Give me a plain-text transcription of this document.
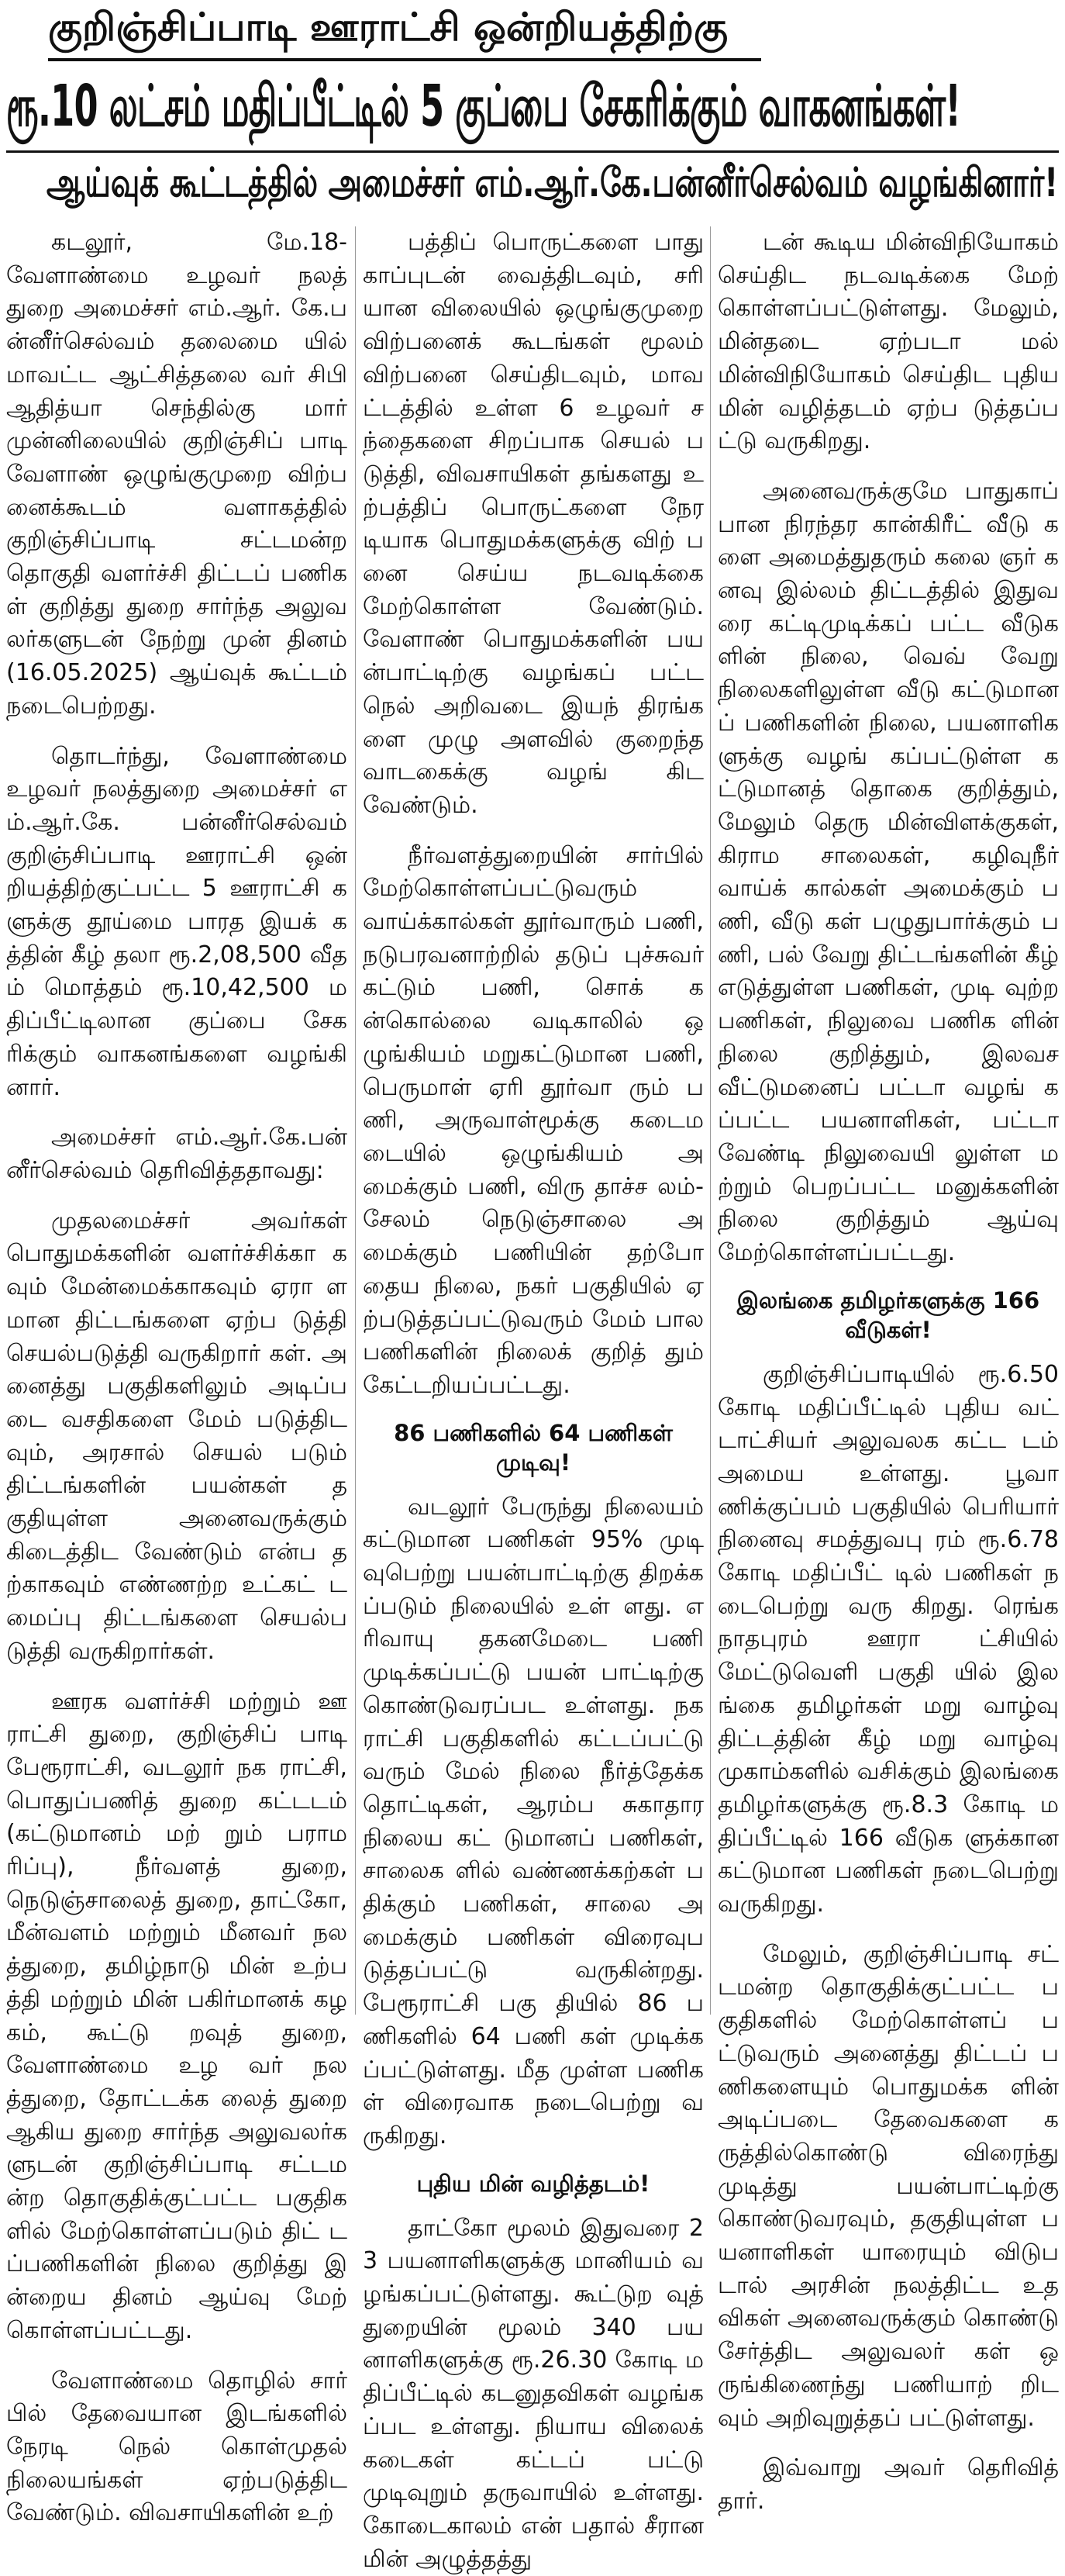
குறிஞ்சிப்பாடி ஊராட்சி ஒன்றியத்திற்கு
ரூ.10 லட்சம் மதிப்பீட்டில் 5 குப்பை சேகரிக்கும் வாகனங்கள்!
ஆய்வுக் கூட்டத்தில் அமைச்சர் எம்.ஆர்.கே.பன்னீர்செல்வம் வழங்கினார்!

கடலூர், மே.18- வேளாண்மை உழவர் நலத் துறை அமைச்சர் எம்.ஆர். கே.பன்னீர்செல்வம் தலைமை யில் மாவட்ட ஆட்சித்தலை வர் சிபி ஆதித்யா செந்தில்கு மார் முன்னிலையில் குறிஞ்சிப் பாடி வேளாண் ஒழுங்குமுறை விற்பனைக்கூடம் வளாகத்தில் குறிஞ்சிப்பாடி சட்டமன்ற தொகுதி வளர்ச்சி திட்டப் பணிகள் குறித்து துறை சார்ந்த அலுவலர்களுடன் நேற்று முன் தினம் (16.05.2025) ஆய்வுக் கூட்டம் நடைபெற்றது.

தொடர்ந்து, வேளாண்மை உழவர் நலத்துறை அமைச்சர் எம்.ஆர்.கே. பன்னீர்செல்வம் குறிஞ்சிப்பாடி ஊராட்சி ஒன் றியத்திற்குட்பட்ட 5 ஊராட்சி களுக்கு தூய்மை பாரத இயக் கத்தின் கீழ் தலா ரூ.2,08,500 வீதம் மொத்தம் ரூ.10,42,500 மதிப்பீட்டிலான குப்பை சேக ரிக்கும் வாகனங்களை வழங்கி னார்.

அமைச்சர் எம்.ஆர்.கே.பன் னீர்செல்வம் தெரிவித்ததாவது:

முதலமைச்சர் அவர்கள் பொதுமக்களின் வளர்ச்சிக்கா கவும் மேன்மைக்காகவும் ஏரா ளமான திட்டங்களை ஏற்ப டுத்தி செயல்படுத்தி வருகிறார் கள். அனைத்து பகுதிகளிலும் அடிப்படை வசதிகளை மேம் படுத்திடவும், அரசால் செயல் படும் திட்டங்களின் பயன்கள் தகுதியுள்ள அனைவருக்கும் கிடைத்திட வேண்டும் என்ப தற்காகவும் எண்ணற்ற உட்கட் டமைப்பு திட்டங்களை செயல்படுத்தி வருகிறார்கள்.

ஊரக வளர்ச்சி மற்றும் ஊராட்சி துறை, குறிஞ்சிப் பாடி பேரூராட்சி, வடலூர் நக ராட்சி, பொதுப்பணித் துறை கட்டடம் (கட்டுமானம் மற் றும் பராமரிப்பு), நீர்வளத் துறை, நெடுஞ்சாலைத் துறை, தாட்கோ, மீன்வளம் மற்றும் மீனவர் நலத்துறை, தமிழ்நாடு மின் உற்பத்தி மற்றும் மின் பகிர்மானக் கழகம், கூட்டு றவுத் துறை, வேளாண்மை உழ வர் நலத்துறை, தோட்டக்க லைத் துறை ஆகிய துறை சார்ந்த அலுவலர்களுடன் குறிஞ்சிப்பாடி சட்டமன்ற தொகுதிக்குட்பட்ட பகுதிக ளில் மேற்கொள்ளப்படும் திட் டப்பணிகளின் நிலை குறித்து இன்றைய தினம் ஆய்வு மேற் கொள்ளப்பட்டது.

வேளாண்மை தொழில் சார் பில் தேவையான இடங்களில் நேரடி நெல் கொள்முதல் நிலையங்கள் ஏற்படுத்திட வேண்டும். விவசாயிகளின் உற்

பத்திப் பொருட்களை பாது காப்புடன் வைத்திடவும், சரி யான விலையில் ஒழுங்குமுறை விற்பனைக் கூடங்கள் மூலம் விற்பனை செய்திடவும், மாவட்டத்தில் உள்ள 6 உழவர் சந்தைகளை சிறப்பாக செயல் படுத்தி, விவசாயிகள் தங்களது உற்பத்திப் பொருட்களை நேர டியாக பொதுமக்களுக்கு விற் பனை செய்ய நடவடிக்கை மேற்கொள்ள வேண்டும். வேளாண் பொதுமக்களின் பயன்பாட்டிற்கு வழங்கப் பட்ட நெல் அறிவடை இயந் திரங்களை முழு அளவில் குறைந்த வாடகைக்கு வழங் கிட வேண்டும்.

நீர்வளத்துறையின் சார்பில் மேற்கொள்ளப்பட்டுவரும் வாய்க்கால்கள் தூர்வாரும் பணி, நடுபரவனாற்றில் தடுப் புச்சுவர் கட்டும் பணி, சொக் கன்கொல்லை வடிகாலில் ஒழுங்கியம் மறுகட்டுமான பணி, பெருமாள் ஏரி தூர்வா ரும் பணி, அருவாள்மூக்கு கடைமடையில் ஒழுங்கியம் அமைக்கும் பணி, விரு தாச்ச லம்-சேலம் நெடுஞ்சாலை அமைக்கும் பணியின் தற்போ தைய நிலை, நகர் பகுதியில் ஏற்படுத்தப்பட்டுவரும் மேம் பால பணிகளின் நிலைக் குறித் தும் கேட்டறியப்பட்டது.

86 பணிகளில் 64 பணிகள் முடிவு!

வடலூர் பேருந்து நிலையம் கட்டுமான பணிகள் 95% முடி வுபெற்று பயன்பாட்டிற்கு திறக்கப்படும் நிலையில் உள் ளது. எரிவாயு தகனமேடை பணி முடிக்கப்பட்டு பயன் பாட்டிற்கு கொண்டுவரப்பட உள்ளது. நகராட்சி பகுதிகளில் கட்டப்பட்டு வரும் மேல் நிலை நீர்த்தேக்க தொட்டிகள், ஆரம்ப சுகாதார நிலைய கட் டுமானப் பணிகள், சாலைக ளில் வண்ணக்கற்கள் பதிக்கும் பணிகள், சாலை அமைக்கும் பணிகள் விரைவுபடுத்தப்பட்டு வருகின்றது. பேரூராட்சி பகு தியில் 86 பணிகளில் 64 பணி கள் முடிக்கப்பட்டுள்ளது. மீத முள்ள பணிகள் விரைவாக நடைபெற்று வருகிறது.

புதிய மின் வழித்தடம்!

தாட்கோ மூலம் இதுவரை 23 பயனாளிகளுக்கு மானியம் வழங்கப்பட்டுள்ளது. கூட்டுற வுத் துறையின் மூலம் 340 பய னாளிகளுக்கு ரூ.26.30 கோடி மதிப்பீட்டில் கடனுதவிகள் வழங்கப்பட உள்ளது. நியாய விலைக் கடைகள் கட்டப் பட்டு முடிவுறும் தருவாயில் உள்ளது. கோடைகாலம் என் பதால் சீரான மின் அழுத்தத்து

டன் கூடிய மின்விநியோகம் செய்திட நடவடிக்கை மேற் கொள்ளப்பட்டுள்ளது. மேலும், மின்தடை ஏற்படா மல் மின்விநியோகம் செய்திட புதிய மின் வழித்தடம் ஏற்ப டுத்தப்பட்டு வருகிறது.

அனைவருக்குமே பாதுகாப் பான நிரந்தர கான்கிரீட் வீடு களை அமைத்துதரும் கலை ஞர் கனவு இல்லம் திட்டத்தில் இதுவரை கட்டிமுடிக்கப் பட்ட வீடுகளின் நிலை, வெவ் வேறு நிலைகளிலுள்ள வீடு கட்டுமானப் பணிகளின் நிலை, பயனாளிகளுக்கு வழங் கப்பட்டுள்ள கட்டுமானத் தொகை குறித்தும், மேலும் தெரு மின்விளக்குகள், கிராம சாலைகள், கழிவுநீர் வாய்க் கால்கள் அமைக்கும் பணி, வீடு கள் பழுதுபார்க்கும் பணி, பல் வேறு திட்டங்களின் கீழ் எடுத்துள்ள பணிகள், முடி வுற்ற பணிகள், நிலுவை பணிக ளின் நிலை குறித்தும், இலவச வீட்டுமனைப் பட்டா வழங் கப்பட்ட பயனாளிகள், பட்டா வேண்டி நிலுவையி லுள்ள மற்றும் பெறப்பட்ட மனுக்களின் நிலை குறித்தும் ஆய்வு மேற்கொள்ளப்பட்டது.

இலங்கை தமிழர்களுக்கு 166 வீடுகள்!

குறிஞ்சிப்பாடியில் ரூ.6.50 கோடி மதிப்பீட்டில் புதிய வட் டாட்சியர் அலுவலக கட்ட டம் அமைய உள்ளது. பூவா ணிக்குப்பம் பகுதியில் பெரியார் நினைவு சமத்துவபு ரம் ரூ.6.78 கோடி மதிப்பீட் டில் பணிகள் நடைபெற்று வரு கிறது. ரெங்கநாதபுரம் ஊரா ட்சியில் மேட்டுவெளி பகுதி யில் இலங்கை தமிழர்கள் மறு வாழ்வு திட்டத்தின் கீழ் மறு வாழ்வு முகாம்களில் வசிக்கும் இலங்கை தமிழர்களுக்கு ரூ.8.3 கோடி மதிப்பீட்டில் 166 வீடுக ளுக்கான கட்டுமான பணிகள் நடைபெற்று வருகிறது.

மேலும், குறிஞ்சிப்பாடி சட் டமன்ற தொகுதிக்குட்பட்ட பகுதிகளில் மேற்கொள்ளப் பட்டுவரும் அனைத்து திட்டப் பணிகளையும் பொதுமக்க ளின் அடிப்படை தேவைகளை கருத்தில்கொண்டு விரைந்து முடித்து பயன்பாட்டிற்கு கொண்டுவரவும், தகுதியுள்ள பயனாளிகள் யாரையும் விடுப டால் அரசின் நலத்திட்ட உத விகள் அனைவருக்கும் கொண்டு சேர்த்திட அலுவலர் கள் ஒருங்கிணைந்து பணியாற் றிடவும் அறிவுறுத்தப் பட்டுள்ளது.

இவ்வாறு அவர் தெரிவித் தார்.
